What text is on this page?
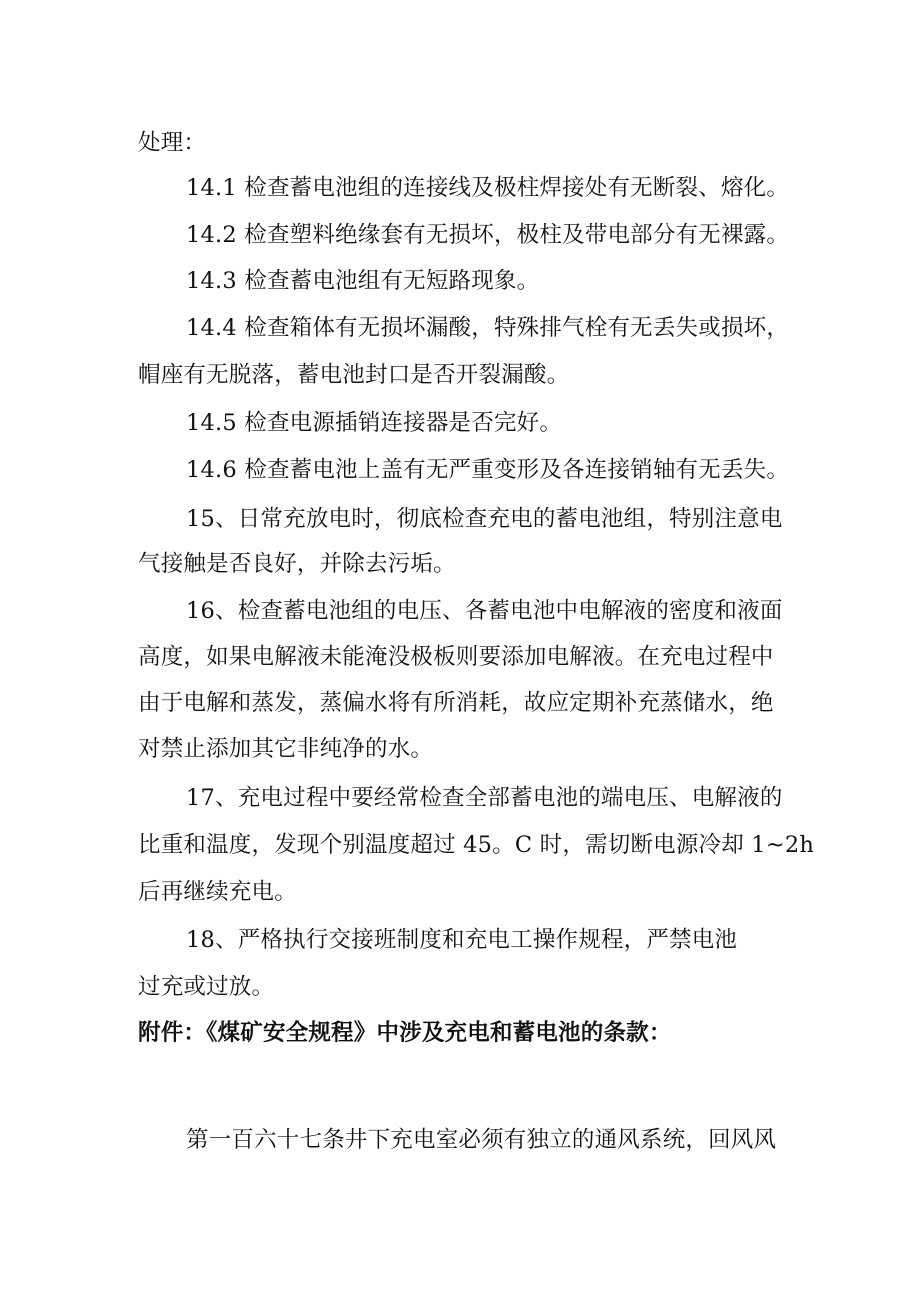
处理：
14.1 检查蓄电池组的连接线及极柱焊接处有无断裂、熔化。
14.2 检查塑料绝缘套有无损坏，极柱及带电部分有无裸露。
14.3 检查蓄电池组有无短路现象。
14.4 检查箱体有无损坏漏酸，特殊排气栓有无丢失或损坏，
帽座有无脱落，蓄电池封口是否开裂漏酸。
14.5 检查电源插销连接器是否完好。
14.6 检查蓄电池上盖有无严重变形及各连接销轴有无丢失。
15、日常充放电时，彻底检查充电的蓄电池组，特别注意电
气接触是否良好，并除去污垢。
16、检查蓄电池组的电压、各蓄电池中电解液的密度和液面
高度，如果电解液未能淹没极板则要添加电解液。在充电过程中
由于电解和蒸发，蒸偏水将有所消耗，故应定期补充蒸储水，绝
对禁止添加其它非纯净的水。
17、充电过程中要经常检查全部蓄电池的端电压、电解液的
比重和温度，发现个别温度超过 45。C 时，需切断电源冷却 1~2h
后再继续充电。
18、严格执行交接班制度和充电工操作规程，严禁电池
过充或过放。
附件：《煤矿安全规程》中涉及充电和蓄电池的条款：
第一百六十七条井下充电室必须有独立的通风系统，回风风
